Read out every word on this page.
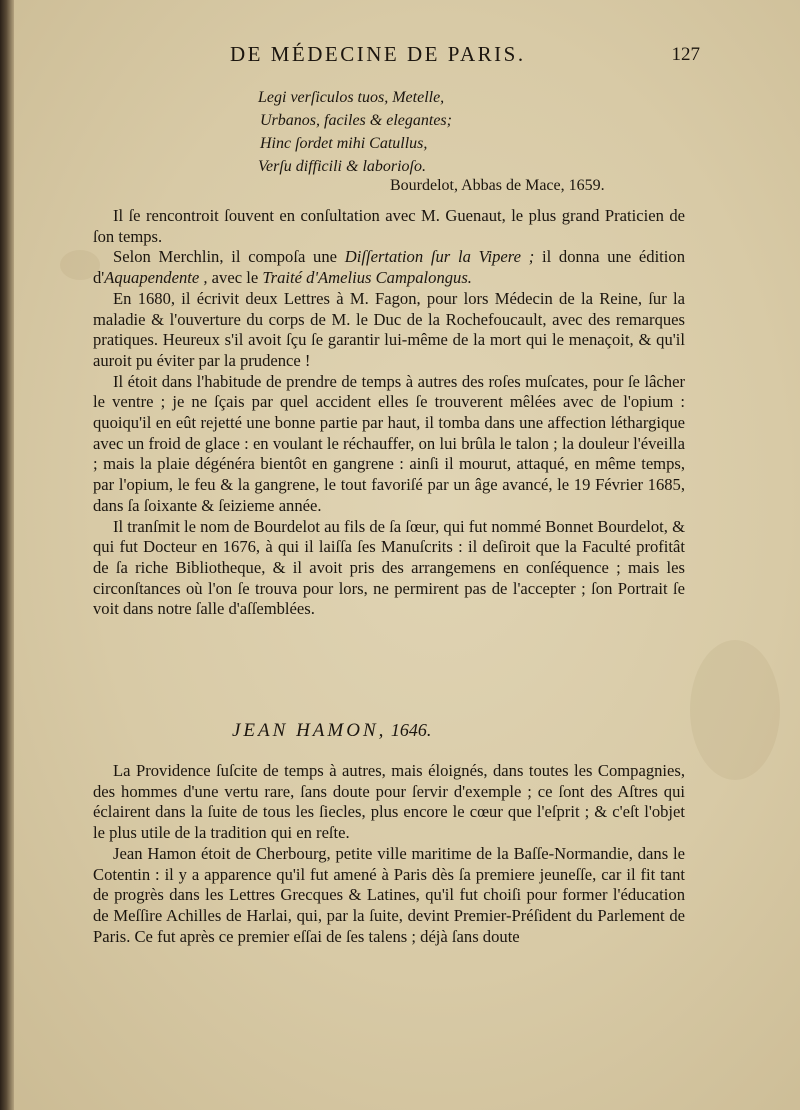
DE MÉDECINE DE PARIS.	127
Legi verſiculos tuos, Metelle,
Urbanos, faciles & elegantes;
Hinc ſordet mihi Catullus,
Verſu difficili & laborioſo.
Bourdelot, Abbas de Mace, 1659.

Il ſe rencontroit ſouvent en conſultation avec M. Guenaut, le plus grand Praticien de ſon temps.

Selon Merchlin, il compoſa une Diſſertation ſur la Vipere ; il donna une édition d'Aquapendente , avec le Traité d'Amelius Campalongus.

En 1680, il écrivit deux Lettres à M. Fagon, pour lors Médecin de la Reine, ſur la maladie & l'ouverture du corps de M. le Duc de la Rochefoucault, avec des remarques pratiques. Heureux s'il avoit ſçu ſe garantir lui-même de la mort qui le menaçoit, & qu'il auroit pu éviter par la prudence !

Il étoit dans l'habitude de prendre de temps à autres des roſes muſcates, pour ſe lâcher le ventre ; je ne ſçais par quel accident elles ſe trouverent mêlées avec de l'opium : quoiqu'il en eût rejetté une bonne partie par haut, il tomba dans une affection léthargique avec un froid de glace : en voulant le réchauffer, on lui brûla le talon ; la douleur l'éveilla ; mais la plaie dégénéra bientôt en gangrene : ainſi il mourut, attaqué, en même temps, par l'opium, le feu & la gangrene, le tout favoriſé par un âge avancé, le 19 Février 1685, dans ſa ſoixante & ſeizieme année.

Il tranſmit le nom de Bourdelot au fils de ſa ſœur, qui fut nommé Bonnet Bourdelot, & qui fut Docteur en 1676, à qui il laiſſa ſes Manuſcrits : il deſiroit que la Faculté profitât de ſa riche Bibliotheque, & il avoit pris des arrangemens en conſéquence ; mais les circonſtances où l'on ſe trouva pour lors, ne permirent pas de l'accepter ; ſon Portrait ſe voit dans notre ſalle d'aſſemblées.

JEAN HAMON, 1646.

La Providence ſuſcite de temps à autres, mais éloignés, dans toutes les Compagnies, des hommes d'une vertu rare, ſans doute pour ſervir d'exemple ; ce ſont des Aſtres qui éclairent dans la ſuite de tous les ſiecles, plus encore le cœur que l'eſprit ; & c'eſt l'objet le plus utile de la tradition qui en reſte.

Jean Hamon étoit de Cherbourg, petite ville maritime de la Baſſe-Normandie, dans le Cotentin : il y a apparence qu'il fut amené à Paris dès ſa premiere jeuneſſe, car il fit tant de progrès dans les Lettres Grecques & Latines, qu'il fut choiſi pour former l'éducation de Meſſire Achilles de Harlai, qui, par la ſuite, devint Premier-Préſident du Parlement de Paris. Ce fut après ce premier eſſai de ſes talens ; déjà ſans doute
